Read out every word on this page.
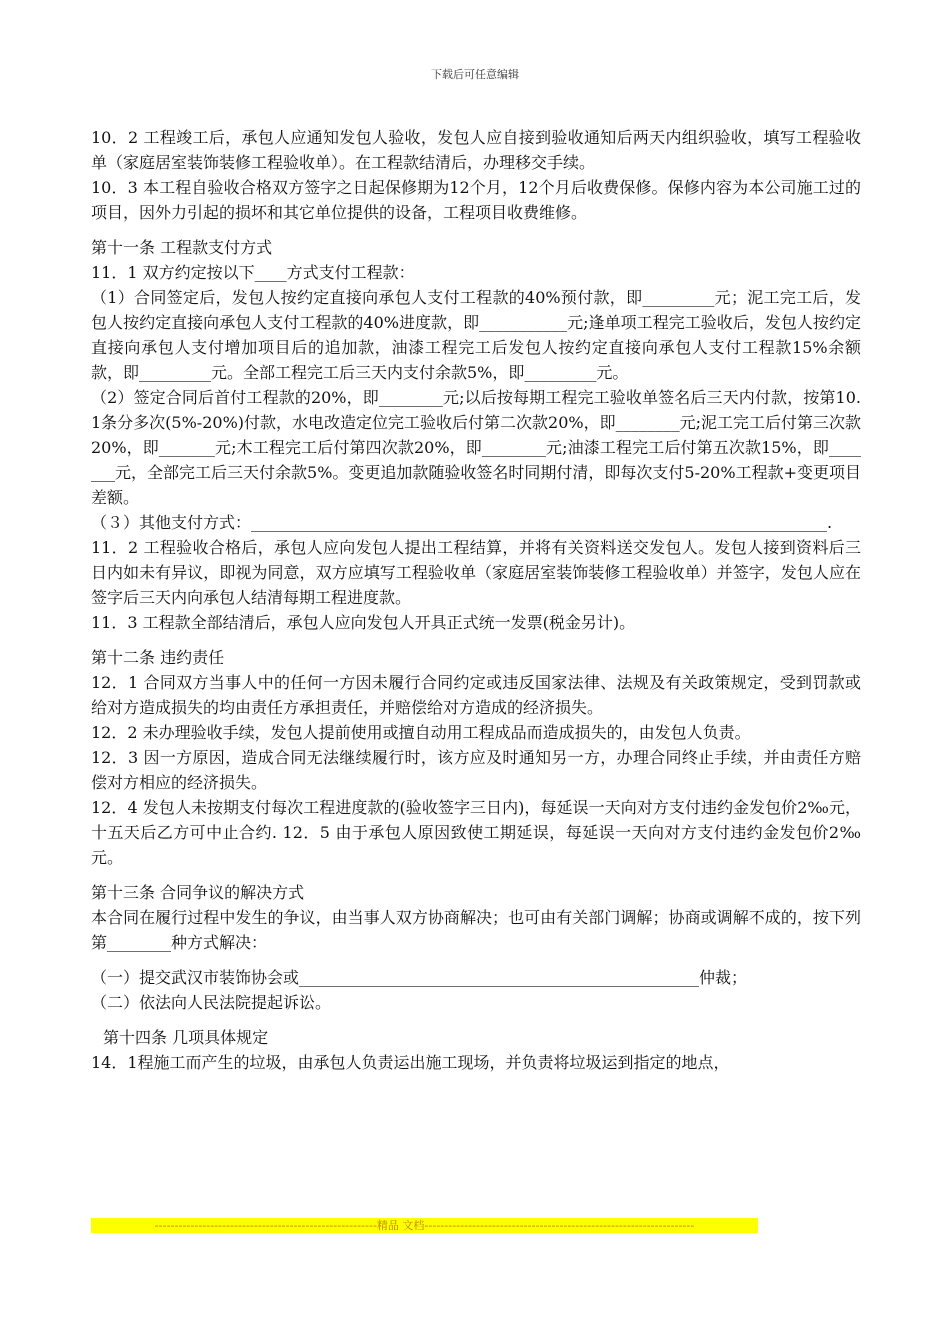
下载后可任意编辑

10．2 工程竣工后，承包人应通知发包人验收，发包人应自接到验收通知后两天内组织验收，填写工程验收单（家庭居室装饰装修工程验收单）。在工程款结清后，办理移交手续。

10．3 本工程自验收合格双方签字之日起保修期为12个月，12个月后收费保修。保修内容为本公司施工过的项目，因外力引起的损坏和其它单位提供的设备，工程项目收费维修。

第十一条 工程款支付方式

11．1 双方约定按以下____方式支付工程款：

（1）合同签定后，发包人按约定直接向承包人支付工程款的40%预付款，即_________元；泥工完工后，发包人按约定直接向承包人支付工程款的40%进度款，即___________元;逢单项工程完工验收后，发包人按约定直接向承包人支付增加项目后的追加款，油漆工程完工后发包人按约定直接向承包人支付工程款15%余额款，即_________元。全部工程完工后三天内支付余款5%，即_________元。

（2）签定合同后首付工程款的20%，即________元;以后按每期工程完工验收单签名后三天内付款，按第10.1条分多次(5%-20%)付款，水电改造定位完工验收后付第二次款20%，即________元;泥工完工后付第三次款20%，即_______元;木工程完工后付第四次款20%，即________元;油漆工程完工后付第五次款15%，即_______元，全部完工后三天付余款5%。变更追加款随验收签名时同期付清，即每次支付5-20%工程款+变更项目差额。

（３）其他支付方式：________________________________________________________________________.

11．2 工程验收合格后，承包人应向发包人提出工程结算，并将有关资料送交发包人。发包人接到资料后三日内如未有异议，即视为同意，双方应填写工程验收单（家庭居室装饰装修工程验收单）并签字，发包人应在签字后三天内向承包人结清每期工程进度款。

11．3 工程款全部结清后，承包人应向发包人开具正式统一发票(税金另计)。

第十二条 违约责任

12．1 合同双方当事人中的任何一方因未履行合同约定或违反国家法律、法规及有关政策规定，受到罚款或给对方造成损失的均由责任方承担责任，并赔偿给对方造成的经济损失。

12．2 未办理验收手续，发包人提前使用或擅自动用工程成品而造成损失的，由发包人负责。

12．3 因一方原因，造成合同无法继续履行时，该方应及时通知另一方，办理合同终止手续，并由责任方赔偿对方相应的经济损失。

12．4 发包人未按期支付每次工程进度款的(验收签字三日内)，每延误一天向对方支付违约金发包价2‰元，十五天后乙方可中止合约. 12．5 由于承包人原因致使工期延误，每延误一天向对方支付违约金发包价2‰元。

第十三条 合同争议的解决方式

本合同在履行过程中发生的争议，由当事人双方协商解决；也可由有关部门调解；协商或调解不成的，按下列第________种方式解决：

（一）提交武汉市装饰协会或__________________________________________________仲裁；

（二）依法向人民法院提起诉讼。

第十四条 几项具体规定

14．1程施工而产生的垃圾，由承包人负责运出施工现场，并负责将垃圾运到指定的地点，

--------------------------------------------------------精品 文档--------------------------------------------------------------------
